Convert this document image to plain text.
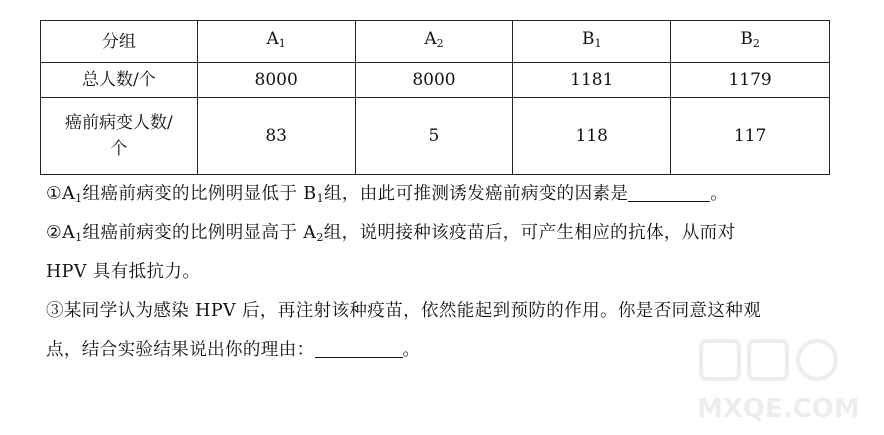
分组	$A_1$	$A_2$	$B_1$	$B_2$
总人数/个	8000	8000	1181	1179
癌前病变人数/
个	83	5	118	117
$①A_1$组癌前病变的比例明显低于 $B_1$组，由此可推测诱发癌前病变的因素是	。
$②A_1$组癌前病变的比例明显高于 $A_2$组，说明接种该疫苗后，可产生相应的抗体，从而对
HPV 具有抵抗力。
③某同学认为感染 HPV 后，再注射该种疫苗，依然能起到预防的作用。你是否同意这种观
点，结合实验结果说出你的理由：	。
MXQE.COM
